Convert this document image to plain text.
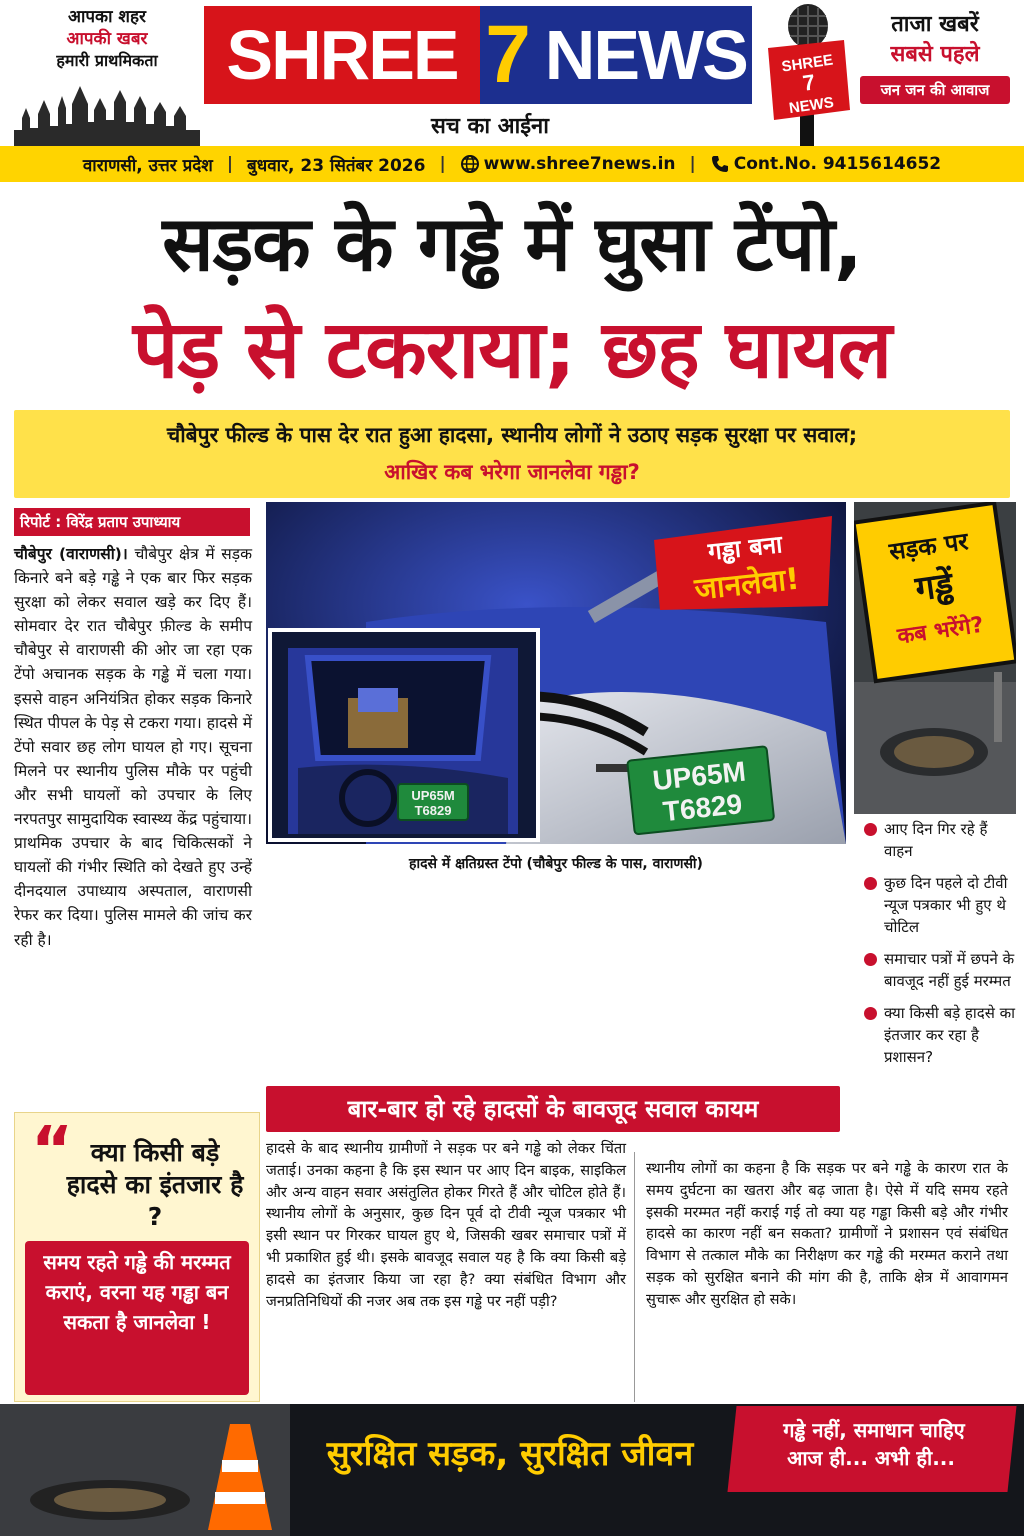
आपका शहर
आपकी खबर
हमारी प्राथमिकता SHREE 7 NEWS
सच का आईना
SHREE
7
NEWS
ताजा खबरें
सबसे पहले
जन जन की आवाज
वाराणसी, उत्तर प्रदेश | बुधवार, 23 सितंबर 2026 |	www.shree7news.in |	Cont.No. 9415614652
सड़क के गड्ढे में घुसा टेंपो,
पेड़ से टकराया; छह घायल
चौबेपुर फील्ड के पास देर रात हुआ हादसा, स्थानीय लोगों ने उठाए सड़क सुरक्षा पर सवाल;
आखिर कब भरेगा जानलेवा गड्ढा?
रिपोर्ट : विरेंद्र प्रताप उपाध्याय
चौबेपुर (वाराणसी)। चौबेपुर क्षेत्र में सड़क किनारे बने बड़े गड्ढे ने एक बार फिर सड़क सुरक्षा को लेकर सवाल खड़े कर दिए हैं। सोमवार देर रात चौबेपुर फ़ील्ड के समीप चौबेपुर से वाराणसी की ओर जा रहा एक टेंपो अचानक सड़क के गड्ढे में चला गया। इससे वाहन अनियंत्रित होकर सड़क किनारे स्थित पीपल के पेड़ से टकरा गया। हादसे में टेंपो सवार छह लोग घायल हो गए। सूचना मिलने पर स्थानीय पुलिस मौके पर पहुंची और सभी घायलों को उपचार के लिए नरपतपुर सामुदायिक स्वास्थ्य केंद्र पहुंचाया। प्राथमिक उपचार के बाद चिकित्सकों ने घायलों की गंभीर स्थिति को देखते हुए उन्हें दीनदयाल उपाध्याय अस्पताल, वाराणसी रेफर कर दिया। पुलिस मामले की जांच कर रही है।
“ क्या किसी बड़े हादसे का इंतजार है ?
समय रहते गड्ढे की मरम्मत कराएं, वरना यह गड्ढा बन सकता है जानलेवा !
UP65M
T6829
UP65M
T6829
गड्ढा बना
जानलेवा!
हादसे में क्षतिग्रस्त टेंपो (चौबेपुर फील्ड के पास, वाराणसी)
सड़क पर
गड्ढें
कब भरेंगे?
आए दिन गिर रहे हैं वाहन
कुछ दिन पहले दो टीवी न्यूज पत्रकार भी हुए थे चोटिल
समाचार पत्रों में छपने के बावजूद नहीं हुई मरम्मत
क्या किसी बड़े हादसे का इंतजार कर रहा है प्रशासन?
बार-बार हो रहे हादसों के बावजूद सवाल कायम
हादसे के बाद स्थानीय ग्रामीणों ने सड़क पर बने गड्ढे को लेकर चिंता जताई। उनका कहना है कि इस स्थान पर आए दिन बाइक, साइकिल और अन्य वाहन सवार असंतुलित होकर गिरते हैं और चोटिल होते हैं। स्थानीय लोगों के अनुसार, कुछ दिन पूर्व दो टीवी न्यूज पत्रकार भी इसी स्थान पर गिरकर घायल हुए थे, जिसकी खबर समाचार पत्रों में भी प्रकाशित हुई थी। इसके बावजूद सवाल यह है कि क्या किसी बड़े हादसे का इंतजार किया जा रहा है? क्या संबंधित विभाग और जनप्रतिनिधियों की नजर अब तक इस गड्ढे पर नहीं पड़ी?
स्थानीय लोगों का कहना है कि सड़क पर बने गड्ढे के कारण रात के समय दुर्घटना का खतरा और बढ़ जाता है। ऐसे में यदि समय रहते इसकी मरम्मत नहीं कराई गई तो क्या यह गड्ढा किसी बड़े और गंभीर हादसे का कारण नहीं बन सकता? ग्रामीणों ने प्रशासन एवं संबंधित विभाग से तत्काल मौके का निरीक्षण कर गड्ढे की मरम्मत कराने तथा सड़क को सुरक्षित बनाने की मांग की है, ताकि क्षेत्र में आवागमन सुचारू और सुरक्षित हो सके।
सुरक्षित सड़क, सुरक्षित जीवन
गड्ढे नहीं, समाधान चाहिए
आज ही... अभी ही...
